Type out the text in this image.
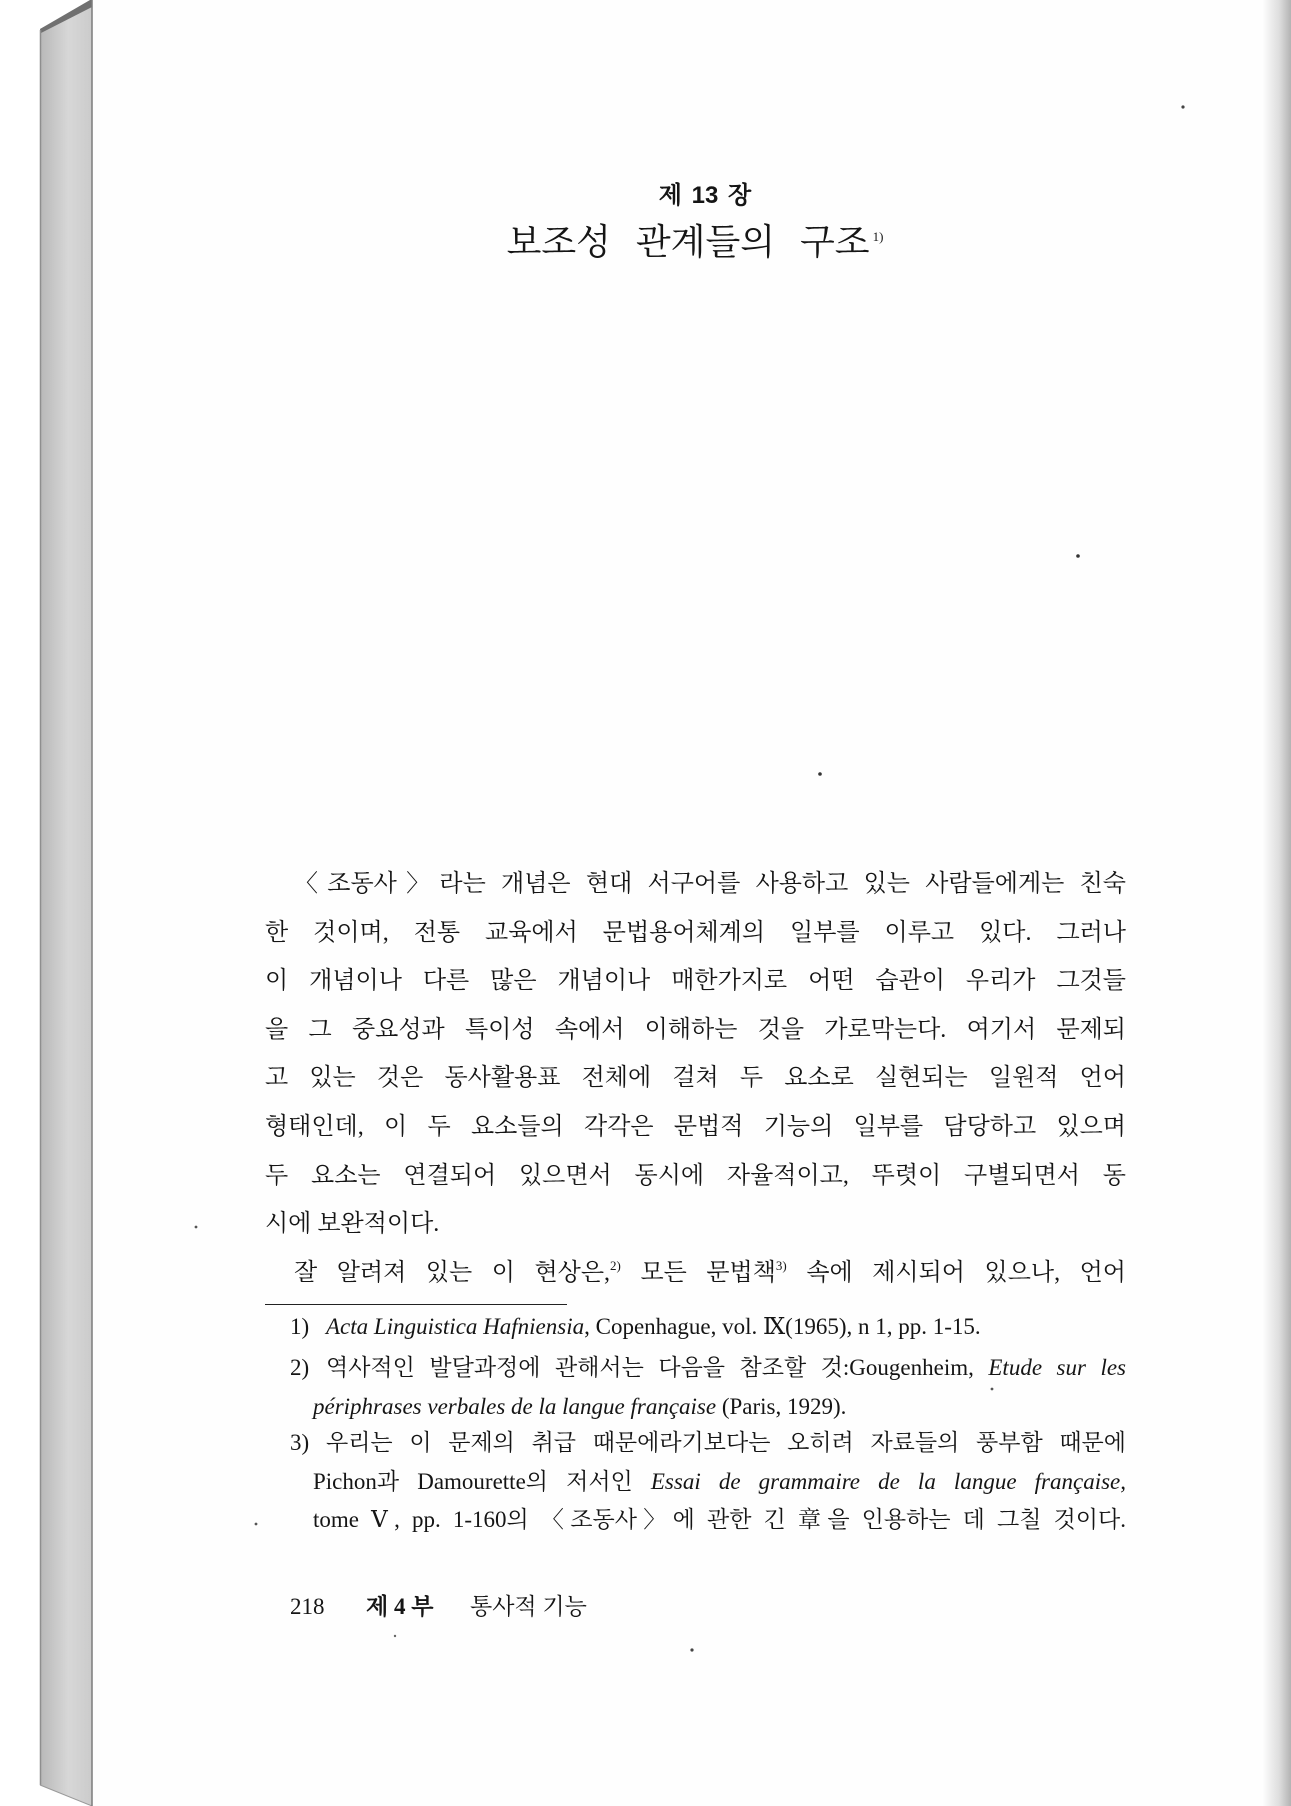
제 13 장
보조성 관계들의 구조 $^{1)}$
〈조동사〉라는 개념은 현대 서구어를 사용하고 있는 사람들에게는 친숙
한 것이며, 전통 교육에서 문법용어체계의 일부를 이루고 있다. 그러나
이 개념이나 다른 많은 개념이나 매한가지로 어떤 습관이 우리가 그것들
을 그 중요성과 특이성 속에서 이해하는 것을 가로막는다. 여기서 문제되
고 있는 것은 동사활용표 전체에 걸쳐 두 요소로 실현되는 일원적 언어
형태인데, 이 두 요소들의 각각은 문법적 기능의 일부를 담당하고 있으며
두 요소는 연결되어 있으면서 동시에 자율적이고, 뚜렷이 구별되면서 동
시에 보완적이다.
잘 알려져 있는 이 현상은,$^{2)}$ 모든 문법책$^{3)}$ 속에 제시되어 있으나, 언어
1) Acta Linguistica Hafniensia, Copenhague, vol. Ⅸ(1965), n 1, pp. 1-15.
2) 역사적인 발달과정에 관해서는 다음을 참조할 것:Gougenheim, Etude sur les
périphrases verbales de la langue française (Paris, 1929).
3) 우리는 이 문제의 취급 때문에라기보다는 오히려 자료들의 풍부함 때문에
Pichon과 Damourette의 저서인 Essai de grammaire de la langue française,
tome Ⅴ, pp. 1-160의 〈조동사〉에 관한 긴 章을 인용하는 데 그칠 것이다.
218 제 4 부 통사적 기능
